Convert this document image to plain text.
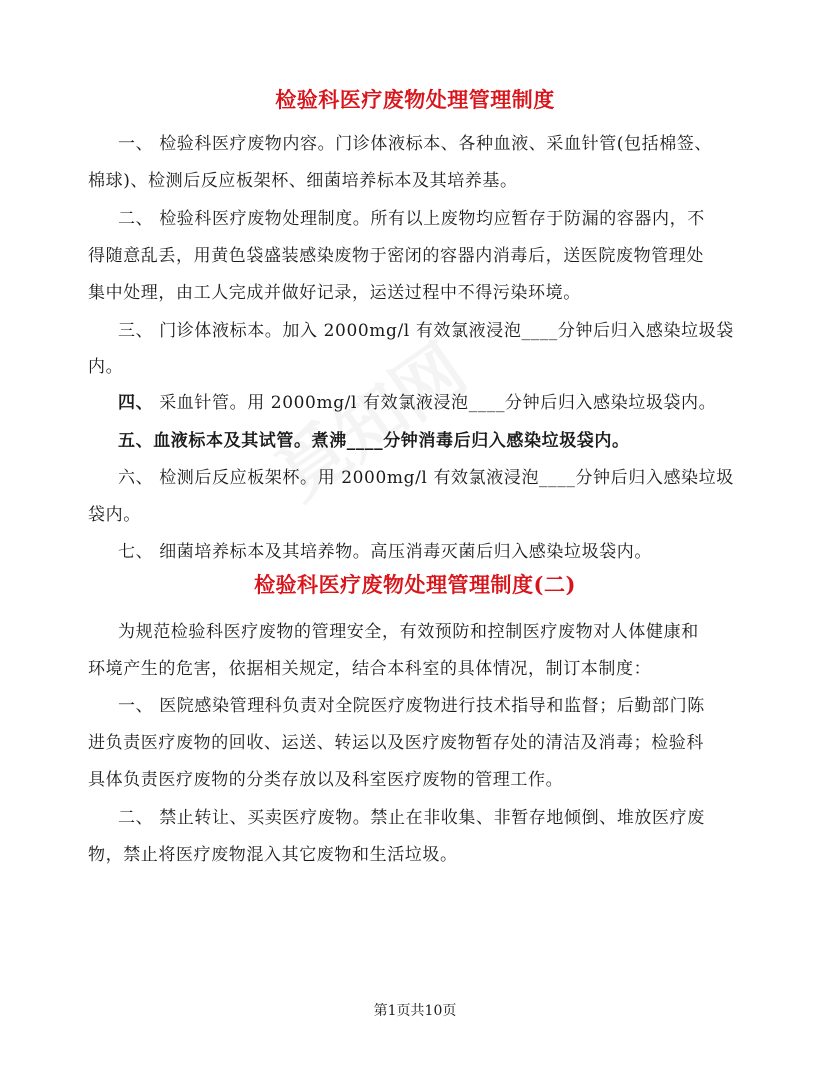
检验科医疗废物处理管理制度
一、 检验科医疗废物内容。门诊体液标本、各种血液、采血针管(包括棉签、
棉球)、检测后反应板架杯、细菌培养标本及其培养基。
二、 检验科医疗废物处理制度。所有以上废物均应暂存于防漏的容器内，不
得随意乱丢，用黄色袋盛装感染废物于密闭的容器内消毒后，送医院废物管理处
集中处理，由工人完成并做好记录，运送过程中不得污染环境。
三、 门诊体液标本。加入 2000mg/l 有效氯液浸泡____分钟后归入感染垃圾袋
内。
四、 采血针管。用 2000mg/l 有效氯液浸泡____分钟后归入感染垃圾袋内。
五、血液标本及其试管。煮沸____分钟消毒后归入感染垃圾袋内。
六、 检测后反应板架杯。用 2000mg/l 有效氯液浸泡____分钟后归入感染垃圾
袋内。
七、 细菌培养标本及其培养物。高压消毒灭菌后归入感染垃圾袋内。
检验科医疗废物处理管理制度(二)
为规范检验科医疗废物的管理安全，有效预防和控制医疗废物对人体健康和
环境产生的危害，依据相关规定，结合本科室的具体情况，制订本制度：
一、 医院感染管理科负责对全院医疗废物进行技术指导和监督；后勤部门陈
进负责医疗废物的回收、运送、转运以及医疗废物暂存处的清洁及消毒；检验科
具体负责医疗废物的分类存放以及科室医疗废物的管理工作。
二、 禁止转让、买卖医疗废物。禁止在非收集、非暂存地倾倒、堆放医疗废
物，禁止将医疗废物混入其它废物和生活垃圾。
第1页共10页
